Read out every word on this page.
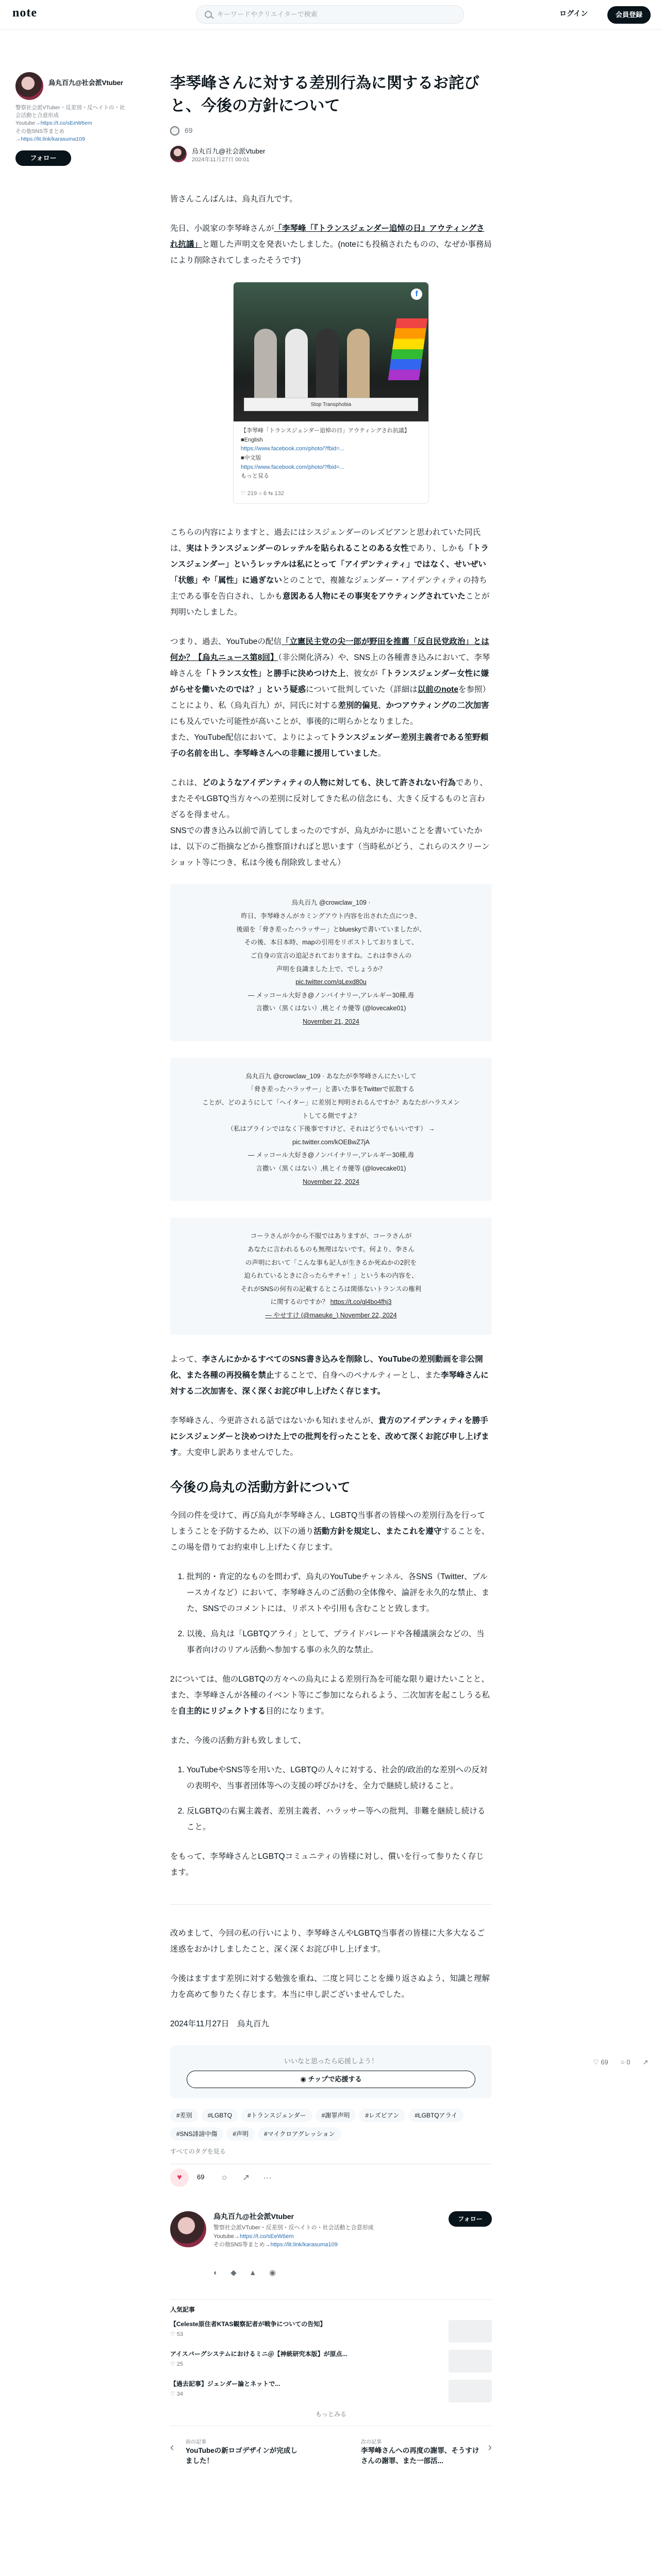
note	キーワードやクリエイターで検索	ログイン	会員登録
烏丸百九@社会派Vtuber
警察社会派VTuber・反差別・反ヘイトの・社会活動と合意形成Youtube→https://t.co/sEeW6em
その他SNS等まとめ→https://lit.link/karasuma109
フォロー
♡ 69 ○ 0 ↗
李琴峰さんに対する差別行為に関するお詫びと、今後の方針について
♡ 69
烏丸百九@社会派Vtuber
2024年11月27日 00:01

皆さんこんばんは、烏丸百九です。

先日、小説家の李琴峰さんが「李琴峰「『トランスジェンダー追悼の日』アウティングされ抗議」と題した声明文を発表いたしました。(noteにも投稿されたものの、なぜか事務局により削除されてしまったそうです)

Stop Transphobia
f
【李琴峰「トランスジェンダー追悼の日」アウティングされ抗議】
■English
https://www.facebook.com/photo/?fbid=...
■中文版
https://www.facebook.com/photo/?fbid=...
もっと見る
♡ 219 ○ 6 ⇆ 132

こちらの内容によりますと、過去にはシスジェンダーのレズビアンと思われていた同氏は、実はトランスジェンダーのレッテルを貼られることのある女性であり、しかも「トランスジェンダー」というレッテルは私にとって「アイデンティティ」ではなく、せいぜい「状態」や「属性」に過ぎないとのことで、複雑なジェンダー・アイデンティティの持ち主である事を告白され、しかも意図ある人物にその事実をアウティングされていたことが判明いたしました。

つまり、過去、YouTubeの配信「立憲民主党の尖一郎が野田を推薦「反自民党政治」とは何か？【烏丸ニュース第8回】（非公開化済み）や、SNS上の各種書き込みにおいて、李琴峰さんを「トランス女性」と勝手に決めつけた上、彼女が「トランスジェンダー女性に嫌がらせを働いたのでは？」という疑惑について批判していた（詳細は以前のnoteを参照）ことにより、私（烏丸百九）が、同氏に対する差別的偏見、かつアウティングの二次加害にも及んでいた可能性が高いことが、事後的に明らかとなりました。
また、YouTube配信において、よりによってトランスジェンダー差別主義者である笙野頼子の名前を出し、李琴峰さんへの非難に援用していました。

これは、どのようなアイデンティティの人物に対しても、決して許されない行為であり、またそやLGBTQ当方々への差別に反対してきた私の信念にも、大きく反するものと言わざるを得ません。
SNSでの書き込み以前で消してしまったのですが、烏丸がかに思いことを書いていたかは、以下のご指摘などから推察頂ければと思います（当時私がどう、これらのスクリーンショット等につき、私は今後も削除致しません）

烏丸百九 @crowclaw_109 ·
昨日、李琴峰さんがカミングアウト内容を出された点につき、
後頭を「脅き差ったハラッサー」とblueskyで書いていましたが、
その後、本日本時、mapの引用をリポストしておりまして、
ご自身の宣言の追記されておりますね。これは李さんの
声明を良識ました上で、でしょうか？
pic.twitter.com/qLexd80u
— メッコール大好き@ノンバイナリー,アレルギー30種,毒
言撒い（黒くはない）,桃とイカ優等 (@lovecake01)
November 21, 2024
烏丸百九 @crowclaw_109 · あなたが李琴峰さんにたいして
「脅き差ったハラッサー」と書いた事をTwitterで拡散する
ことが、どのようにして「ヘイター」に差別と判明されるんですか？あなたがハラスメントしてる側ですよ？
（私はブラインではなく下後事ですけど、それはどうでもいいです） → pic.twitter.com/kOEBwZ7jA
— メッコール大好き@ノンバイナリー,アレルギー30種,毒
言撒い（黒くはない）,桃とイカ優等 (@lovecake01)
November 22, 2024
コーラさんが今から不服ではありますが、コーラさんが
あなたに言われるものも無理はないです。何より、李さん
の声明において「こんな事も記人が生きるか死ぬかの2択を
迫られているときに合ったらサチャ！」という本の内容を、
それがSNSの何有の記載するところは関係ないトランスの権利
に関するのですか？ https://t.co/gl4bo4fhj3
— やせすけ (@maeuke_) November 22, 2024

よって、李さんにかかるすべてのSNS書き込みを削除し、YouTubeの差別動画を非公開化、また各種の再投稿を禁止することで、自身へのペナルティーとし、また李琴峰さんに対する二次加害を、深く深くお詫び申し上げたく存じます。

李琴峰さん、今更許される話ではないかも知れませんが、貴方のアイデンティティを勝手にシスジェンダーと決めつけた上での批判を行ったことを、改めて深くお詫び申し上げます。大変申し訳ありませんでした。

今後の烏丸の活動方針について

今回の件を受けて、再び烏丸が李琴峰さん、LGBTQ当事者の皆様への差別行為を行ってしまうことを予防するため、以下の通り活動方針を規定し、またこれを遵守することを、この場を借りてお約束申し上げたく存じます。

1. 批判的・肯定的なものを問わず、烏丸のYouTubeチャンネル、各SNS（Twitter、ブルースカイなど）において、李琴峰さんのご活動の全体像や、論評を永久的な禁止、また、SNSでのコメントには、リポストや引用も含むことと致します。
2. 以後、烏丸は「LGBTQアライ」として、プライドパレードや各種議演会などの、当事者向けのリアル活動へ参加する事の永久的な禁止。

2については、他のLGBTQの方々への烏丸による差別行為を可能な限り避けたいことと、また、李琴峰さんが各種のイベント等にご参加になられるよう、二次加害を起こしうる私を自主的にリジェクトする目的になります。

また、今後の活動方針も致しまして、

1. YouTubeやSNS等を用いた、LGBTQの人々に対する、社会的/政治的な差別への反対の表明や、当事者団体等への支援の呼びかけを、全力で継続し続けること。
2. 反LGBTQの右翼主義者、差別主義者、ハラッサー等への批判、非難を継続し続けること。

をもって、李琴峰さんとLGBTQコミュニティの皆様に対し、償いを行って参りたく存じます。

改めまして、今回の私の行いにより、李琴峰さんやLGBTQ当事者の皆様に大多大なるご迷惑をおかけしましたこと、深く深くお詫び申し上げます。

今後はますます差別に対する勉強を重ね、二度と同じことを繰り返さぬよう、知識と理解力を高めて参りたく存じます。本当に申し訳ございませんでした。

2024年11月27日　烏丸百九

いいなと思ったら応援しよう！
◉ チップで応援する
#差別	#LGBTQ	#トランスジェンダー	#謝罪声明	#レズビアン	#LGBTQアライ#SNS誹謗中傷	#声明	#マイクロアグレッション
すべてのタグを見る
♥	69 ○ ↗ ···
烏丸百九@社会派Vtuber
警察社会派VTuber・反差別・反ヘイトの・社会活動と合意形成Youtube→https://t.co/sEeW6em
その他SNS等まとめ→https://lit.link/karasuma109
フォロー
◐ ◆ ▲ ◉
人気記事
【Celeste原住者KTAS観察記者が戦争についての告知】
♡ 53
アイスバーグシステムにおけるミニ＠【神統研究本版】が原点...
♡ 25
【過去記事】ジェンダー論とネットで...
♡ 34
もっとみる
‹ 前の記事
YouTubeの新ロゴデザインが完成しました！
次の記事
李琴峰さんへの再度の謝罪、そうすけさんの謝罪、また一部活...
›
